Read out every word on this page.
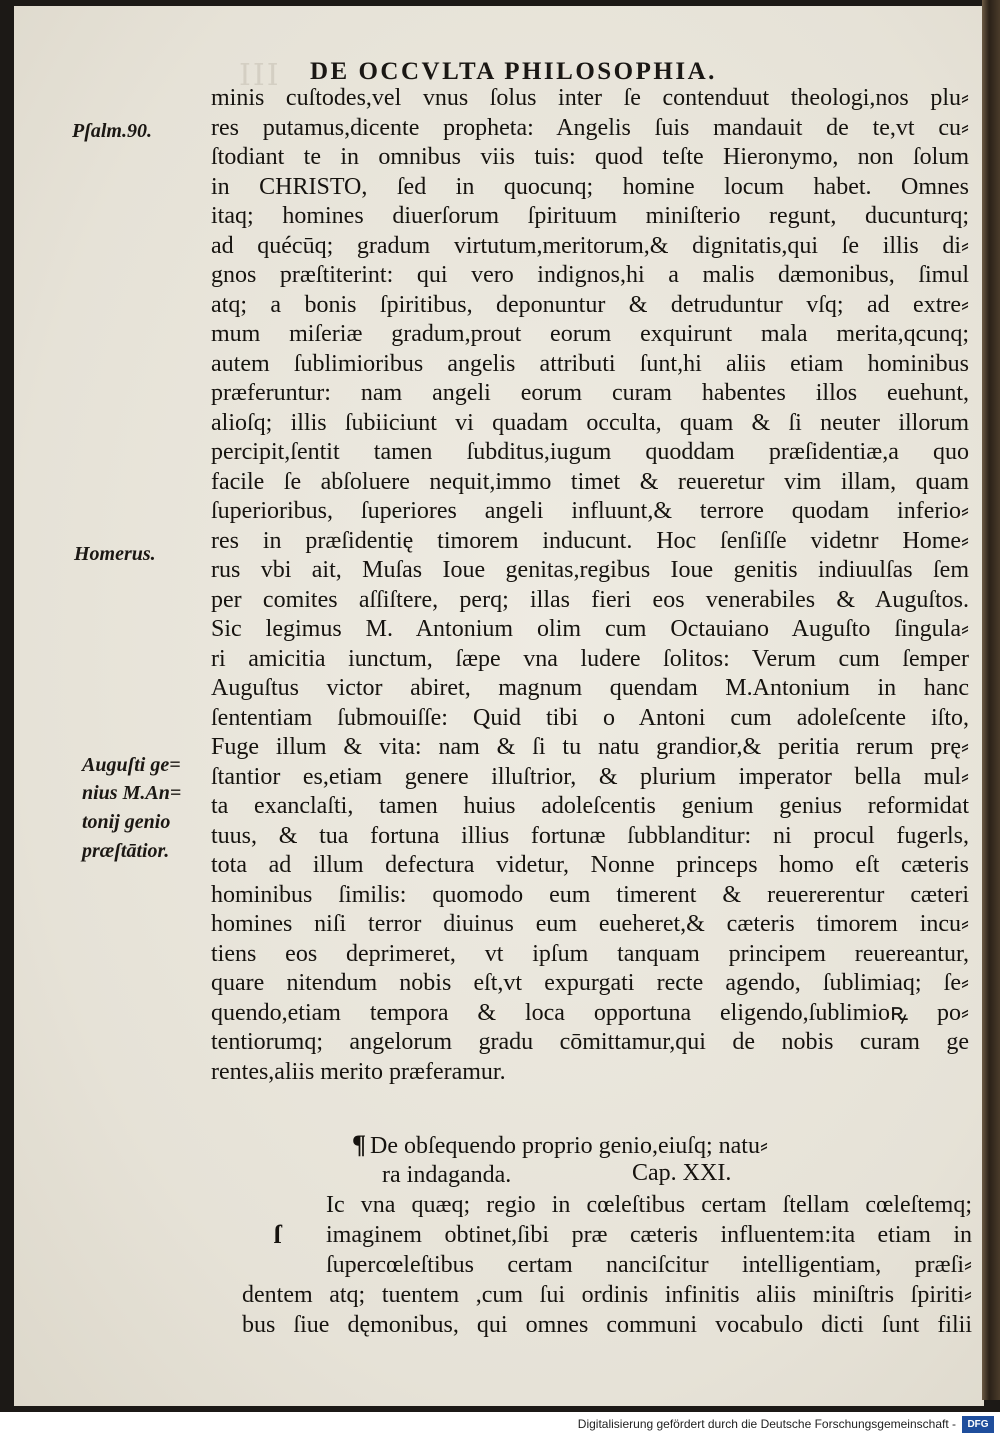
III	DE OCCVLTA PHILOSOPHIA.
Pſalm.90.
Homerus.
Auguſti ge=
nius M.An=
tonij genio
præſtātior.
minis cuſtodes,vel vnus ſolus inter ſe contenduut theologi,nos plu⸗
res putamus,dicente propheta: Angelis ſuis mandauit de te,vt cu⸗
ſtodiant te in omnibus viis tuis: quod teſte Hieronymo, non ſolum
in CHRISTO, ſed in quocunq; homine locum habet. Omnes
itaq; homines diuerſorum ſpirituum miniſterio regunt, ducunturq;
ad quécūq; gradum virtutum,meritorum,& dignitatis,qui ſe illis di⸗
gnos præſtiterint: qui vero indignos,hi a malis dæmonibus, ſimul
atq; a bonis ſpiritibus, deponuntur & detruduntur vſq; ad extre⸗
mum miſeriæ gradum,prout eorum exquirunt mala merita,qcunq;
autem ſublimioribus angelis attributi ſunt,hi aliis etiam hominibus
præferuntur: nam angeli eorum curam habentes illos euehunt,
alioſq; illis ſubiiciunt vi quadam occulta, quam & ſi neuter illorum
percipit,ſentit tamen ſubditus,iugum quoddam præſidentiæ,a quo
facile ſe abſoluere nequit,immo timet & reueretur vim illam, quam
ſuperioribus, ſuperiores angeli influunt,& terrore quodam inferio⸗
res in præſidentię timorem inducunt. Hoc ſenſiſſe videtnr Home⸗
rus vbi ait, Muſas Ioue genitas,regibus Ioue genitis indiuulſas ſem
per comites aſſiſtere, perq; illas fieri eos venerabiles & Auguſtos.
Sic legimus M. Antonium olim cum Octauiano Auguſto ſingula⸗
ri amicitia iunctum, ſæpe vna ludere ſolitos: Verum cum ſemper
Auguſtus victor abiret, magnum quendam M.Antonium in hanc
ſententiam ſubmouiſſe: Quid tibi o Antoni cum adoleſcente iſto,
Fuge illum & vita: nam & ſi tu natu grandior,& peritia rerum prę⸗
ſtantior es,etiam genere illuſtrior, & plurium imperator bella mul⸗
ta exanclaſti, tamen huius adoleſcentis genium genius reformidat
tuus, & tua fortuna illius fortunæ ſubblanditur: ni procul fugerls,
tota ad illum defectura videtur, Nonne princeps homo eſt cæteris
hominibus ſimilis: quomodo eum timerent & reuererentur cæteri
homines niſi terror diuinus eum eueheret,& cæteris timorem incu⸗
tiens eos deprimeret, vt ipſum tanquam principem reuereantur,
quare nitendum nobis eſt,vt expurgati recte agendo, ſublimiaq; ſe⸗
quendo,etiam tempora & loca opportuna eligendo,ſublimioꝶ po⸗
tentiorumq; angelorum gradu cōmittamur,qui de nobis curam ge
rentes,aliis merito præferamur.
¶ De obſequendo proprio genio,eiuſq; natu⸗
ra indaganda.	Cap. XXI.
ſ
Ic vna quæq; regio in cœleſtibus certam ſtellam cœleſtemq;
imaginem obtinet,ſibi præ cæteris influentem:ita etiam in
ſupercœleſtibus certam nanciſcitur intelligentiam, præſi⸗
dentem atq; tuentem ,cum ſui ordinis infinitis aliis miniſtris ſpiriti⸗
bus ſiue dęmonibus, qui omnes communi vocabulo dicti ſunt filii
Digitalisierung gefördert durch die Deutsche Forschungsgemeinschaft -	DFG
